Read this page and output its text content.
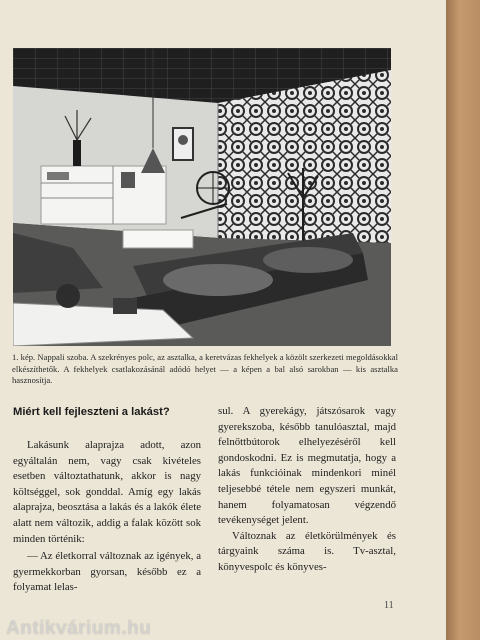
1. kép. Nappali szoba. A szekrényes polc, az asztalka, a keretvázas fekhelyek a közölt szerkezeti megoldásokkal elkészíthetők. A fekhelyek csatlakozásánál adódó helyet — a képen a bal alsó sarokban — kis asztalka hasznosítja.
Miért kell fejleszteni a lakást?

Lakásunk alaprajza adott, azon egyáltalán nem, vagy csak kivételes esetben változtathatunk, akkor is nagy költséggel, sok gonddal. Amíg egy lakás alaprajza, beosztása a lakás és a lakók élete alatt nem változik, addig a falak között sok minden történik:

— Az életkorral változnak az igények, a gyermekkorban gyorsan, később ez a folyamat lelas-

sul. A gyerekágy, játszósarok vagy gyerekszoba, később tanulóasztal, majd felnőttbútorok elhelyezéséről kell gondoskodni. Ez is megmutatja, hogy a lakás funkcióinak mindenkori minél teljesebbé tétele nem egyszeri munkát, hanem folyamatosan végzendő tevékenységet jelent.

Változnak az életkörülmények és tárgyaink száma is. Tv-asztal, könyvespolc és könyves-

11
Antikvárium.hu
